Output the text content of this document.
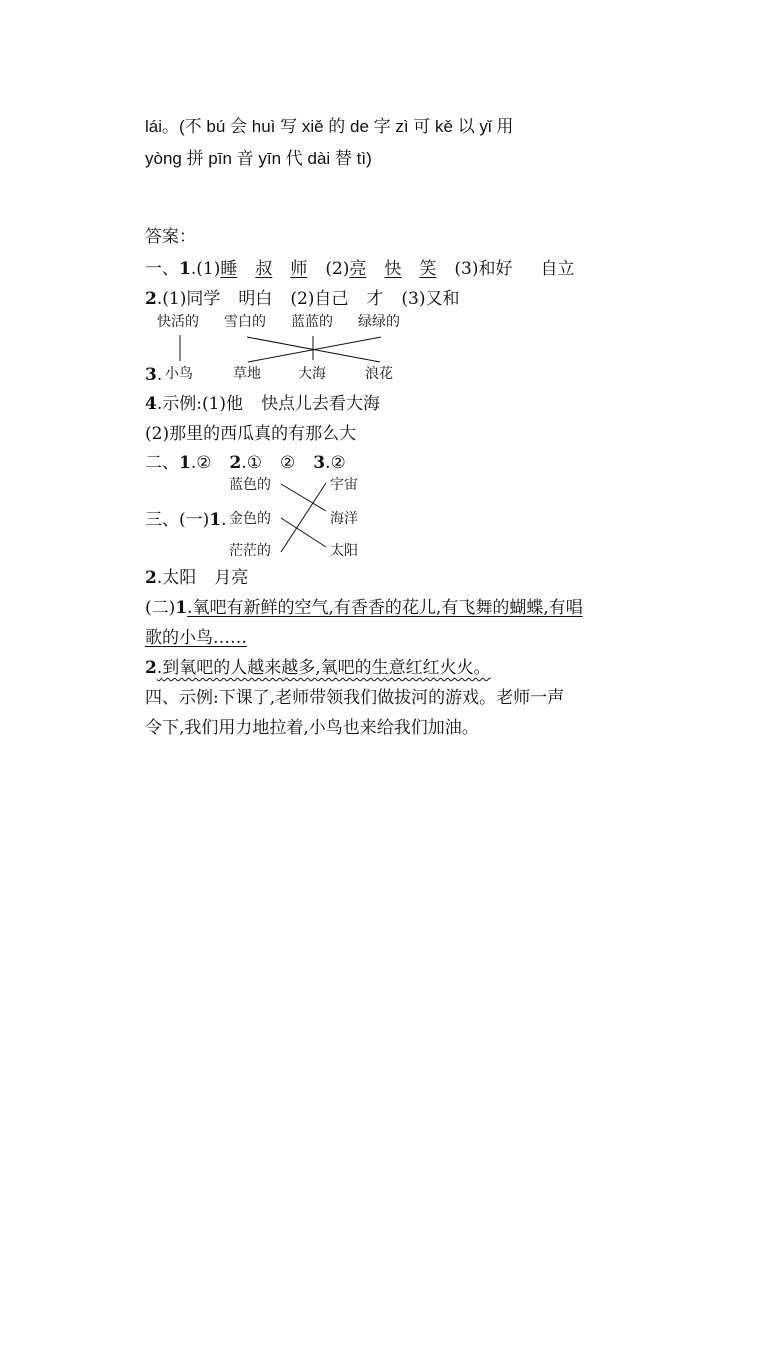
lái。(不 bú 会 huì 写 xiě 的 de 字 zì 可 kě 以 yǐ 用
yòng 拼 pīn 音 yīn 代 dài 替 tì)
答案：
一、1.(1)睡 叔 师 (2)亮 快 笑 (3)和好 自立
2.(1)同学 明白 (2)自己 才 (3)又和
快活的 雪白的 蓝蓝的 绿绿的
3. 小鸟	草地	大海	浪花
4.示例:(1)他 快点儿去看大海
(2)那里的西瓜真的有那么大
二、1.② 2.① ② 3.②
蓝色的	宇宙
三、(一)1. 金色的	海洋
茫茫的	太阳
2.太阳 月亮
(二)1.氧吧有新鲜的空气,有香香的花儿,有飞舞的蝴蝶,有唱
歌的小鸟……
2.到氧吧的人越来越多,氧吧的生意红红火火。
四、示例:下课了,老师带领我们做拔河的游戏。老师一声
令下,我们用力地拉着,小鸟也来给我们加油。
